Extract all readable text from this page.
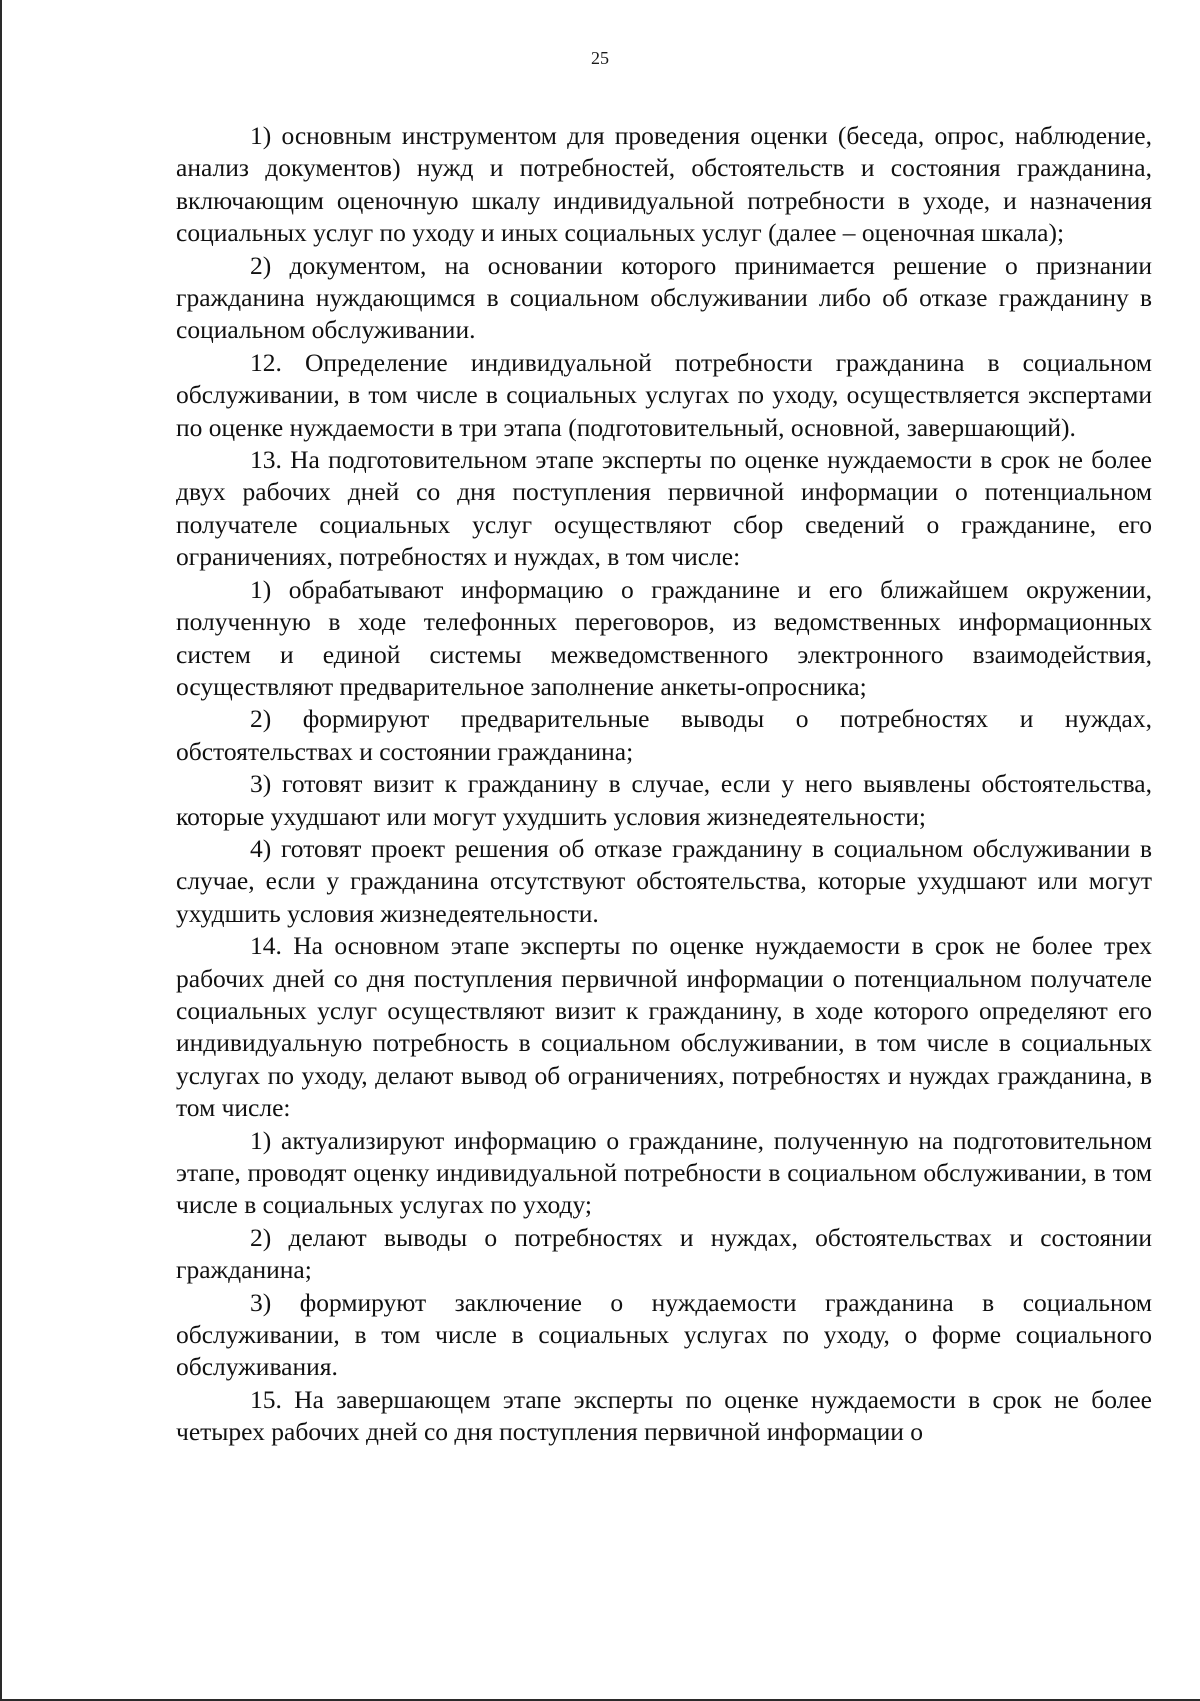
25

1) основным инструментом для проведения оценки (беседа, опрос, наблюдение, анализ документов) нужд и потребностей, обстоятельств и состояния гражданина, включающим оценочную шкалу индивидуальной потребности в уходе, и назначения социальных услуг по уходу и иных социальных услуг (далее – оценочная шкала);

2) документом, на основании которого принимается решение о признании гражданина нуждающимся в социальном обслуживании либо об отказе гражданину в социальном обслуживании.

12. Определение индивидуальной потребности гражданина в социальном обслуживании, в том числе в социальных услугах по уходу, осуществляется экспертами по оценке нуждаемости в три этапа (подготовительный, основной, завершающий).

13. На подготовительном этапе эксперты по оценке нуждаемости в срок не более двух рабочих дней со дня поступления первичной информации о потенциальном получателе социальных услуг осуществляют сбор сведений о гражданине, его ограничениях, потребностях и нуждах, в том числе:

1) обрабатывают информацию о гражданине и его ближайшем окружении, полученную в ходе телефонных переговоров, из ведомственных информационных систем и единой системы межведомственного электронного взаимодействия, осуществляют предварительное заполнение анкеты-опросника;

2) формируют предварительные выводы о потребностях и нуждах, обстоятельствах и состоянии гражданина;

3) готовят визит к гражданину в случае, если у него выявлены обстоятельства, которые ухудшают или могут ухудшить условия жизнедеятельности;

4) готовят проект решения об отказе гражданину в социальном обслуживании в случае, если у гражданина отсутствуют обстоятельства, которые ухудшают или могут ухудшить условия жизнедеятельности.

14. На основном этапе эксперты по оценке нуждаемости в срок не более трех рабочих дней со дня поступления первичной информации о потенциальном получателе социальных услуг осуществляют визит к гражданину, в ходе которого определяют его индивидуальную потребность в социальном обслуживании, в том числе в социальных услугах по уходу, делают вывод об ограничениях, потребностях и нуждах гражданина, в том числе:

1) актуализируют информацию о гражданине, полученную на подготовительном этапе, проводят оценку индивидуальной потребности в социальном обслуживании, в том числе в социальных услугах по уходу;

2) делают выводы о потребностях и нуждах, обстоятельствах и состоянии гражданина;

3) формируют заключение о нуждаемости гражданина в социальном обслуживании, в том числе в социальных услугах по уходу, о форме социального обслуживания.

15. На завершающем этапе эксперты по оценке нуждаемости в срок не более четырех рабочих дней со дня поступления первичной информации о
